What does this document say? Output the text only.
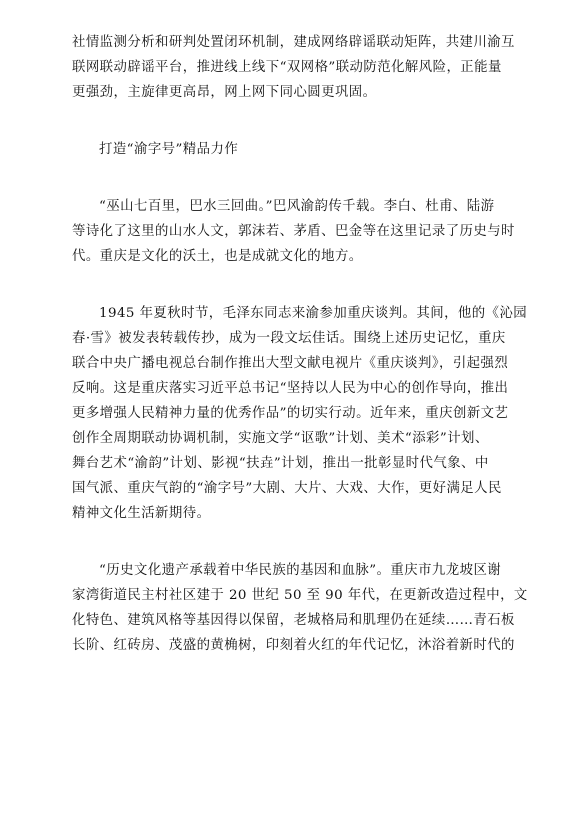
社情监测分析和研判处置闭环机制，建成网络辟谣联动矩阵，共建川渝互
联网联动辟谣平台，推进线上线下“双网格”联动防范化解风险，正能量
更强劲，主旋律更高昂，网上网下同心圆更巩固。
打造“渝字号”精品力作
“巫山七百里，巴水三回曲。”巴风渝韵传千载。李白、杜甫、陆游
等诗化了这里的山水人文，郭沫若、茅盾、巴金等在这里记录了历史与时
代。重庆是文化的沃土，也是成就文化的地方。
1945 年夏秋时节，毛泽东同志来渝参加重庆谈判。其间，他的《沁园
春·雪》被发表转载传抄，成为一段文坛佳话。围绕上述历史记忆，重庆
联合中央广播电视总台制作推出大型文献电视片《重庆谈判》，引起强烈
反响。这是重庆落实习近平总书记“坚持以人民为中心的创作导向，推出
更多增强人民精神力量的优秀作品”的切实行动。近年来，重庆创新文艺
创作全周期联动协调机制，实施文学“讴歌”计划、美术“添彩”计划、
舞台艺术“渝韵”计划、影视“扶垚”计划，推出一批彰显时代气象、中
国气派、重庆气韵的“渝字号”大剧、大片、大戏、大作，更好满足人民
精神文化生活新期待。
“历史文化遗产承载着中华民族的基因和血脉”。重庆市九龙坡区谢
家湾街道民主村社区建于 20 世纪 50 至 90 年代，在更新改造过程中，文
化特色、建筑风格等基因得以保留，老城格局和肌理仍在延续……青石板
长阶、红砖房、茂盛的黄桷树，印刻着火红的年代记忆，沐浴着新时代的
